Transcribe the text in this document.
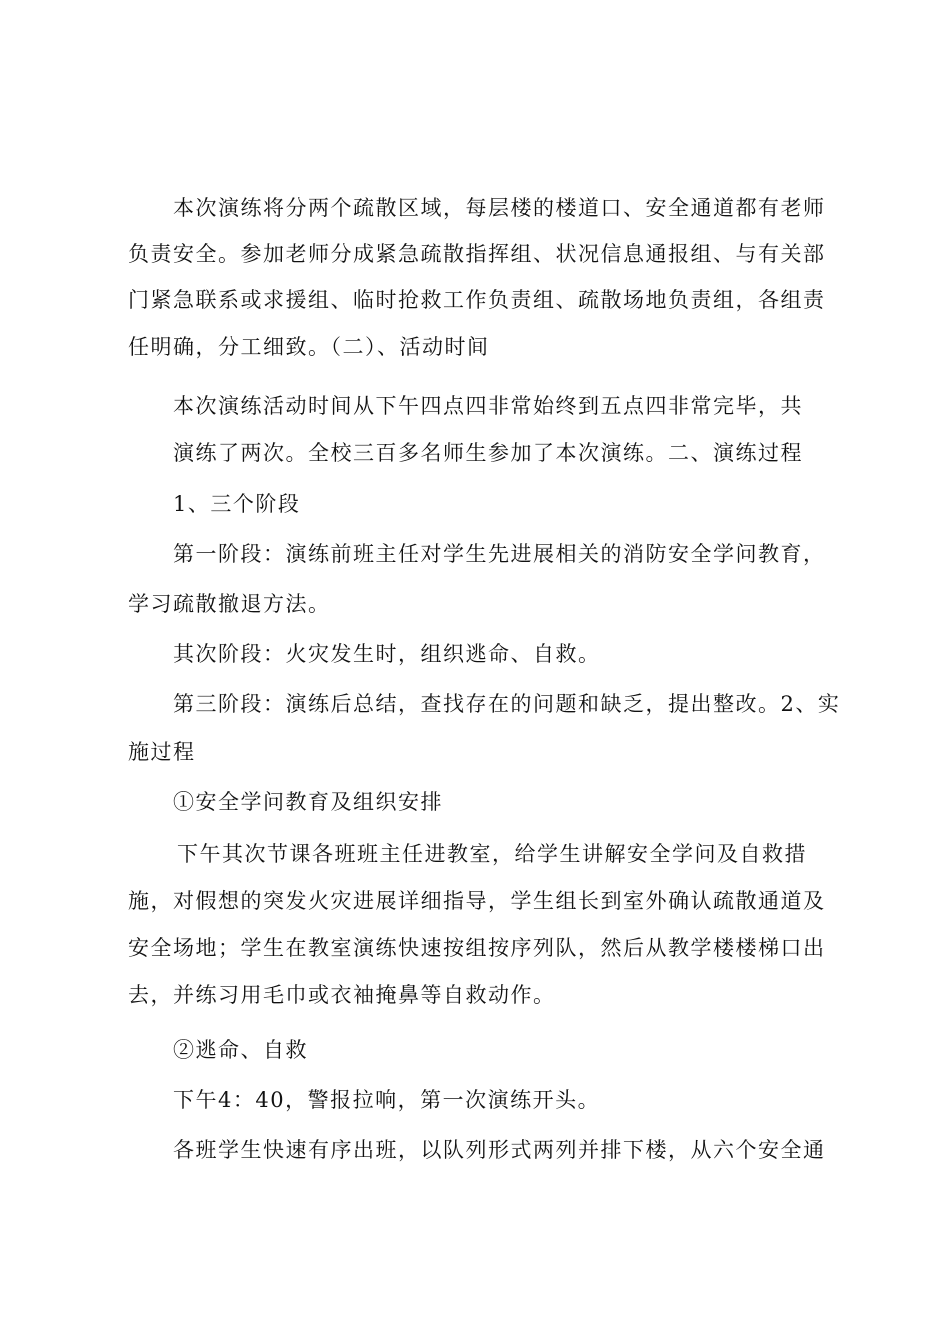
本次演练将分两个疏散区域，每层楼的楼道口、安全通道都有老师
负责安全。参加老师分成紧急疏散指挥组、状况信息通报组、与有关部
门紧急联系或求援组、临时抢救工作负责组、疏散场地负责组，各组责
任明确，分工细致。（二）、活动时间
本次演练活动时间从下午四点四非常始终到五点四非常完毕，共
演练了两次。全校三百多名师生参加了本次演练。二、演练过程
1、三个阶段
第一阶段：演练前班主任对学生先进展相关的消防安全学问教育，
学习疏散撤退方法。
其次阶段：火灾发生时，组织逃命、自救。
第三阶段：演练后总结，查找存在的问题和缺乏，提出整改。2、实
施过程
①安全学问教育及组织安排
下午其次节课各班班主任进教室，给学生讲解安全学问及自救措
施，对假想的突发火灾进展详细指导，学生组长到室外确认疏散通道及
安全场地；学生在教室演练快速按组按序列队，然后从教学楼楼梯口出
去，并练习用毛巾或衣袖掩鼻等自救动作。
②逃命、自救
下午4：40，警报拉响，第一次演练开头。
各班学生快速有序出班，以队列形式两列并排下楼，从六个安全通
